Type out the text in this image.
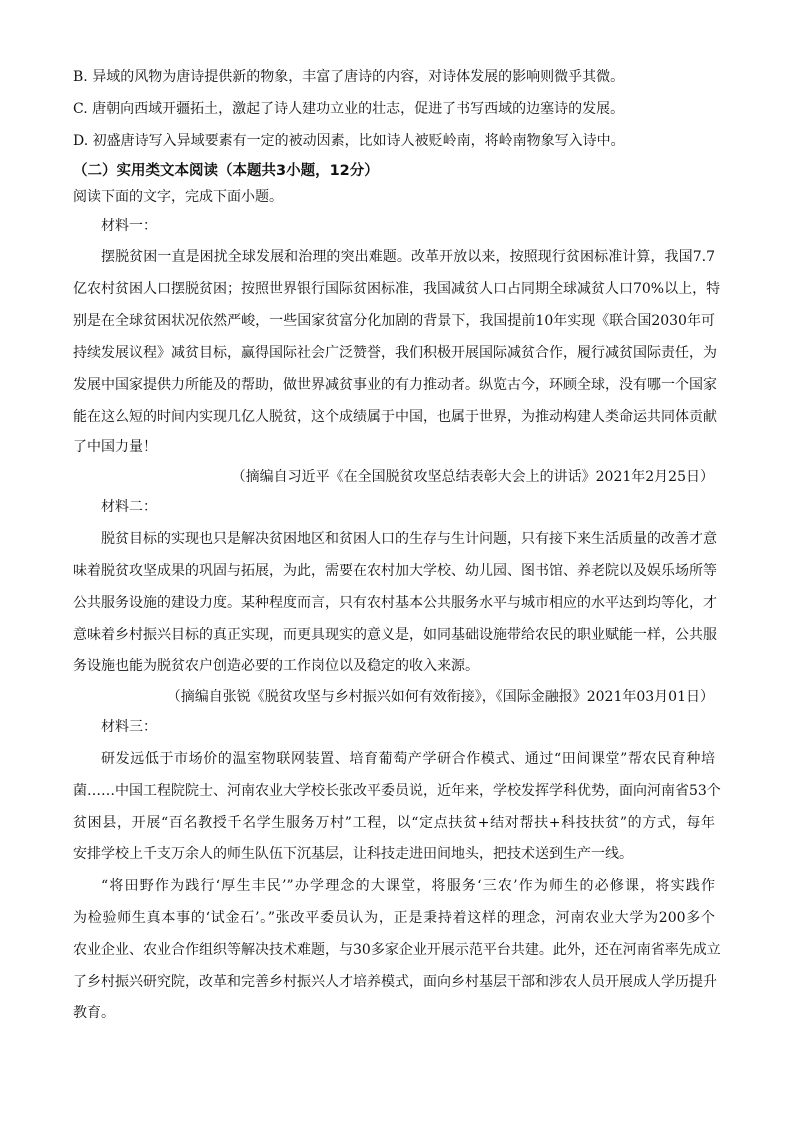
B. 异域的风物为唐诗提供新的物象，丰富了唐诗的内容，对诗体发展的影响则微乎其微。
C. 唐朝向西域开疆拓土，激起了诗人建功立业的壮志，促进了书写西域的边塞诗的发展。
D. 初盛唐诗写入异域要素有一定的被动因素，比如诗人被贬岭南，将岭南物象写入诗中。
（二）实用类文本阅读（本题共3小题，12分）
阅读下面的文字，完成下面小题。
材料一：
摆脱贫困一直是困扰全球发展和治理的突出难题。改革开放以来，按照现行贫困标准计算，我国7.7
亿农村贫困人口摆脱贫困；按照世界银行国际贫困标准，我国减贫人口占同期全球减贫人口70%以上，特
别是在全球贫困状况依然严峻，一些国家贫富分化加剧的背景下，我国提前10年实现《联合国2030年可
持续发展议程》减贫目标，赢得国际社会广泛赞誉，我们积极开展国际减贫合作，履行减贫国际责任，为
发展中国家提供力所能及的帮助，做世界减贫事业的有力推动者。纵览古今，环顾全球，没有哪一个国家
能在这么短的时间内实现几亿人脱贫，这个成绩属于中国，也属于世界，为推动构建人类命运共同体贡献
了中国力量！
（摘编自习近平《在全国脱贫攻坚总结表彰大会上的讲话》2021年2月25日）
材料二：
脱贫目标的实现也只是解决贫困地区和贫困人口的生存与生计问题，只有接下来生活质量的改善才意
味着脱贫攻坚成果的巩固与拓展，为此，需要在农村加大学校、幼儿园、图书馆、养老院以及娱乐场所等
公共服务设施的建设力度。某种程度而言，只有农村基本公共服务水平与城市相应的水平达到均等化，才
意味着乡村振兴目标的真正实现，而更具现实的意义是，如同基础设施带给农民的职业赋能一样，公共服
务设施也能为脱贫农户创造必要的工作岗位以及稳定的收入来源。
（摘编自张锐《脱贫攻坚与乡村振兴如何有效衔接》，《国际金融报》2021年03月01日）
材料三：
研发远低于市场价的温室物联网装置、培育葡萄产学研合作模式、通过“田间课堂”帮农民育种培
菌……中国工程院院士、河南农业大学校长张改平委员说，近年来，学校发挥学科优势，面向河南省53个
贫困县，开展“百名教授千名学生服务万村”工程，以“定点扶贫+结对帮扶+科技扶贫”的方式，每年
安排学校上千支万余人的师生队伍下沉基层，让科技走进田间地头，把技术送到生产一线。
“将田野作为践行‘厚生丰民’”办学理念的大课堂，将服务‘三农’作为师生的必修课，将实践作
为检验师生真本事的‘试金石’。”张改平委员认为，正是秉持着这样的理念，河南农业大学为200多个
农业企业、农业合作组织等解决技术难题，与30多家企业开展示范平台共建。此外，还在河南省率先成立
了乡村振兴研究院，改革和完善乡村振兴人才培养模式，面向乡村基层干部和涉农人员开展成人学历提升
教育。
